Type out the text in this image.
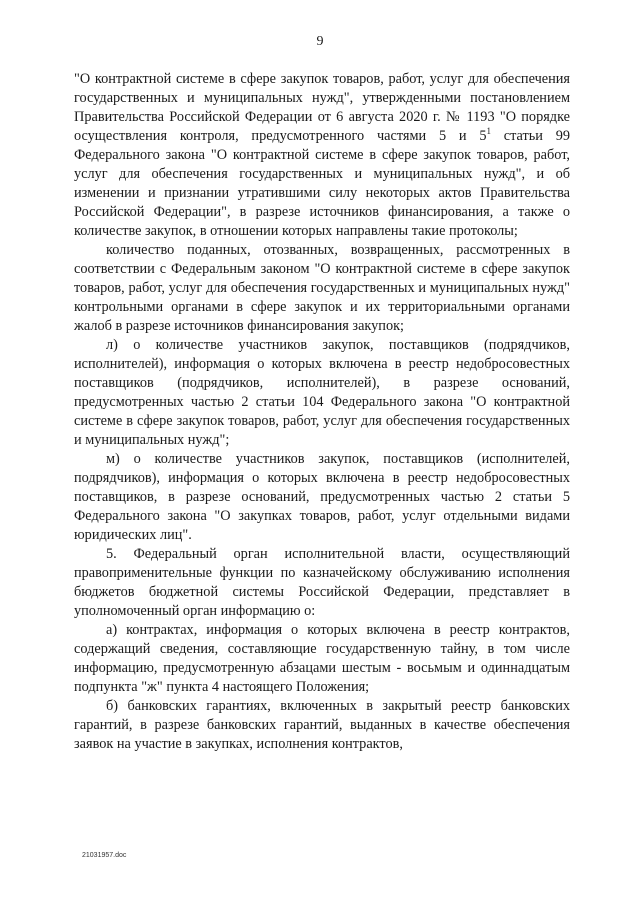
9

"О контрактной системе в сфере закупок товаров, работ, услуг для обеспечения государственных и муниципальных нужд", утвержденными постановлением Правительства Российской Федерации от 6 августа 2020 г. № 1193 "О порядке осуществления контроля, предусмотренного частями 5 и $5^1$ статьи 99 Федерального закона "О контрактной системе в сфере закупок товаров, работ, услуг для обеспечения государственных и муниципальных нужд", и об изменении и признании утратившими силу некоторых актов Правительства Российской Федерации", в разрезе источников финансирования, а также о количестве закупок, в отношении которых направлены такие протоколы;

количество поданных, отозванных, возвращенных, рассмотренных в соответствии с Федеральным законом "О контрактной системе в сфере закупок товаров, работ, услуг для обеспечения государственных и муниципальных нужд" контрольными органами в сфере закупок и их территориальными органами жалоб в разрезе источников финансирования закупок;

л) о количестве участников закупок, поставщиков (подрядчиков, исполнителей), информация о которых включена в реестр недобросовестных поставщиков (подрядчиков, исполнителей), в разрезе оснований, предусмотренных частью 2 статьи 104 Федерального закона "О контрактной системе в сфере закупок товаров, работ, услуг для обеспечения государственных и муниципальных нужд";

м) о количестве участников закупок, поставщиков (исполнителей, подрядчиков), информация о которых включена в реестр недобросовестных поставщиков, в разрезе оснований, предусмотренных частью 2 статьи 5 Федерального закона "О закупках товаров, работ, услуг отдельными видами юридических лиц".

5. Федеральный орган исполнительной власти, осуществляющий правоприменительные функции по казначейскому обслуживанию исполнения бюджетов бюджетной системы Российской Федерации, представляет в уполномоченный орган информацию о:

а) контрактах, информация о которых включена в реестр контрактов, содержащий сведения, составляющие государственную тайну, в том числе информацию, предусмотренную абзацами шестым - восьмым и одиннадцатым подпункта "ж" пункта 4 настоящего Положения;

б) банковских гарантиях, включенных в закрытый реестр банковских гарантий, в разрезе банковских гарантий, выданных в качестве обеспечения заявок на участие в закупках, исполнения контрактов,

21031957.doc
